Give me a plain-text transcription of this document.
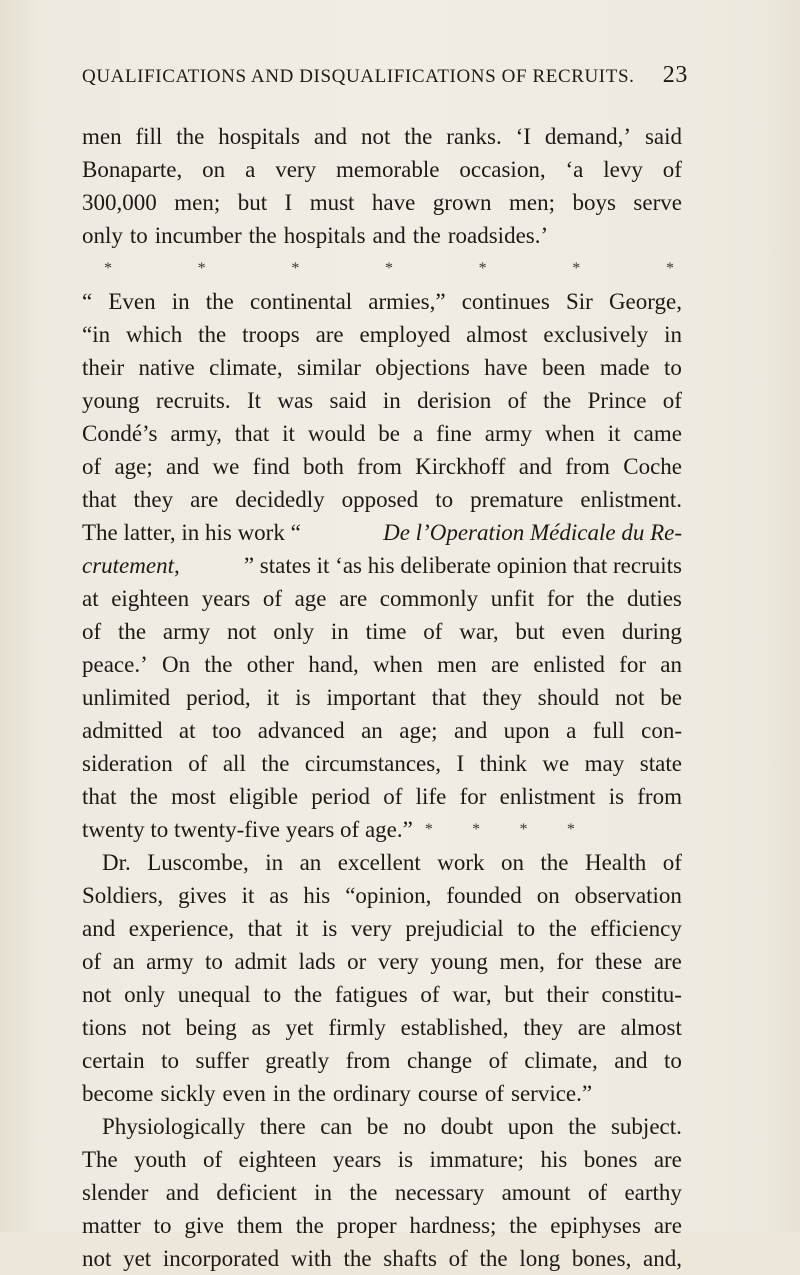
QUALIFICATIONS AND DISQUALIFICATIONS OF RECRUITS. 23
men fill the hospitals and not the ranks. ‘I demand,’ said
Bonaparte, on a very memorable occasion, ‘a levy of
300,000 men; but I must have grown men; boys serve
only to incumber the hospitals and the roadsides.’
*	*	*	*	*	*	*
“ Even in the continental armies,” continues Sir George,
“in which the troops are employed almost exclusively in
their native climate, similar objections have been made to
young recruits. It was said in derision of the Prince of
Condé’s army, that it would be a fine army when it came
of age; and we find both from Kirckhoff and from Coche
that they are decidedly opposed to premature enlistment.
The latter, in his work “	De l’Operation Médicale du Re-
crutement,	” states it ‘as his deliberate opinion that recruits
at eighteen years of age are commonly unfit for the duties
of the army not only in time of war, but even during
peace.’ On the other hand, when men are enlisted for an
unlimited period, it is important that they should not be
admitted at too advanced an age; and upon a full con-
sideration of all the circumstances, I think we may state
that the most eligible period of life for enlistment is from
twenty to twenty-five years of age.” * * * *
Dr. Luscombe, in an excellent work on the Health of
Soldiers, gives it as his “opinion, founded on observation
and experience, that it is very prejudicial to the efficiency
of an army to admit lads or very young men, for these are
not only unequal to the fatigues of war, but their constitu-
tions not being as yet firmly established, they are almost
certain to suffer greatly from change of climate, and to
become sickly even in the ordinary course of service.”
Physiologically there can be no doubt upon the subject.
The youth of eighteen years is immature; his bones are
slender and deficient in the necessary amount of earthy
matter to give them the proper hardness; the epiphyses are
not yet incorporated with the shafts of the long bones, and,
